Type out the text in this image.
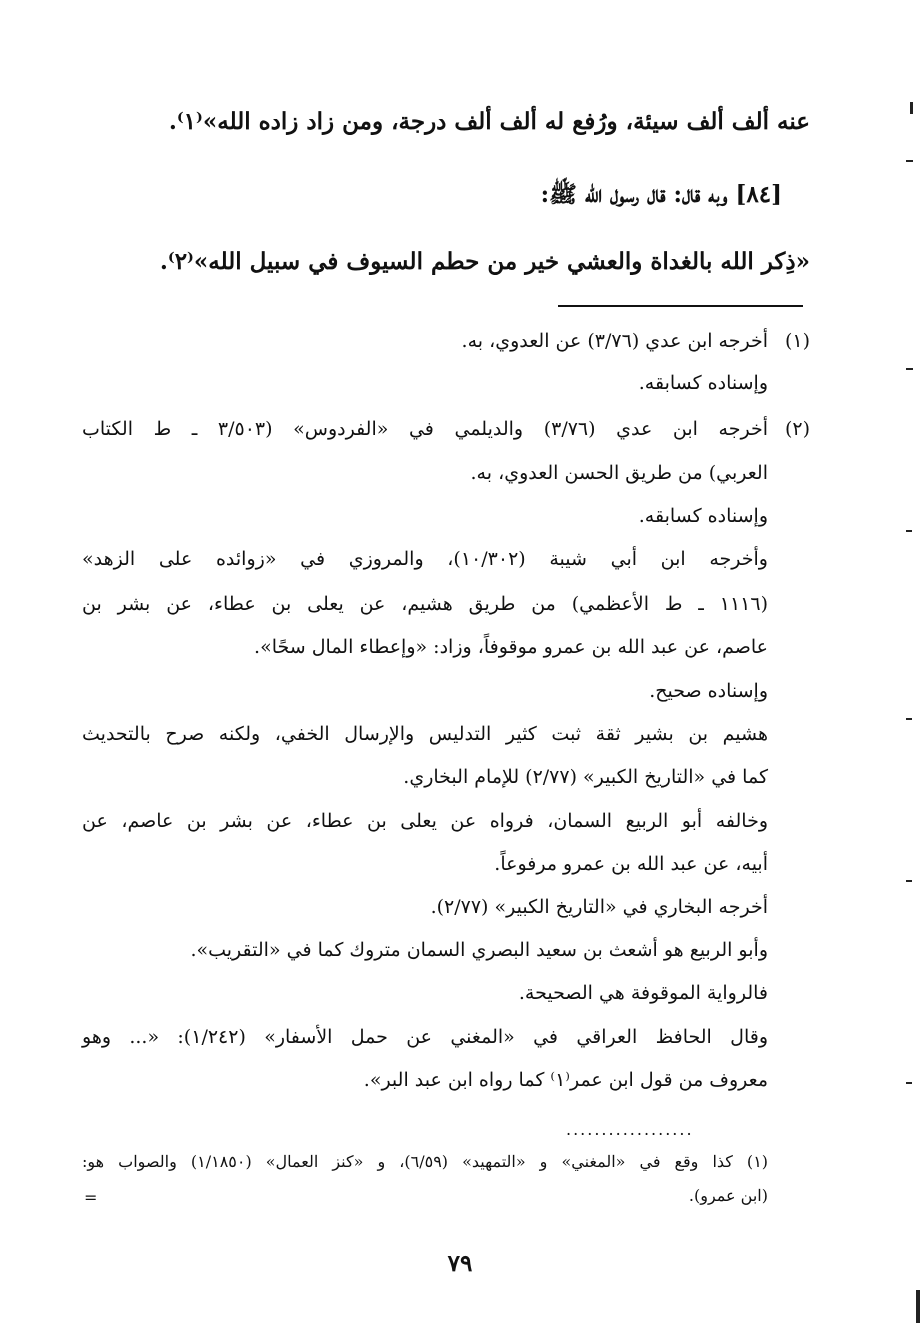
عنه ألف ألف سيئة، ورُفع له ألف ألف درجة، ومن زاد زاده الله»⁽١⁾.
[٨٤] وبه قال: قال رسول الله ﷺ:
«ذِكر الله بالغداة والعشي خير من حطم السيوف في سبيل الله»⁽٢⁾.
(١)
أخرجه ابن عدي (٣/٧٦) عن العدوي، به.
وإسناده كسابقه.
(٢)
أخرجه ابن عدي (٣/٧٦) والديلمي في «الفردوس» (٣/٥٠٣ ـ ط الكتاب
العربي) من طريق الحسن العدوي، به.
وإسناده كسابقه.
وأخرجه ابن أبي شيبة (١٠/٣٠٢)، والمروزي في «زوائده على الزهد»
(١١١٦ ـ ط الأعظمي) من طريق هشيم، عن يعلى بن عطاء، عن بشر بن
عاصم، عن عبد الله بن عمرو موقوفاً، وزاد: «وإعطاء المال سحًا».
وإسناده صحيح.
هشيم بن بشير ثقة ثبت كثير التدليس والإرسال الخفي، ولكنه صرح بالتحديث
كما في «التاريخ الكبير» (٢/٧٧) للإمام البخاري.
وخالفه أبو الربيع السمان، فرواه عن يعلى بن عطاء، عن بشر بن عاصم، عن
أبيه، عن عبد الله بن عمرو مرفوعاً.
أخرجه البخاري في «التاريخ الكبير» (٢/٧٧).
وأبو الربيع هو أشعث بن سعيد البصري السمان متروك كما في «التقريب».
فالرواية الموقوفة هي الصحيحة.
وقال الحافظ العراقي في «المغني عن حمل الأسفار» (١/٢٤٢): «... وهو
معروف من قول ابن عمر⁽١⁾ كما رواه ابن عبد البر».
..................
(١) كذا وقع في «المغني» و «التمهيد» (٦/٥٩)، و «كنز العمال» (١/١٨٥٠) والصواب هو:
(ابن عمرو).
=
٧٩
